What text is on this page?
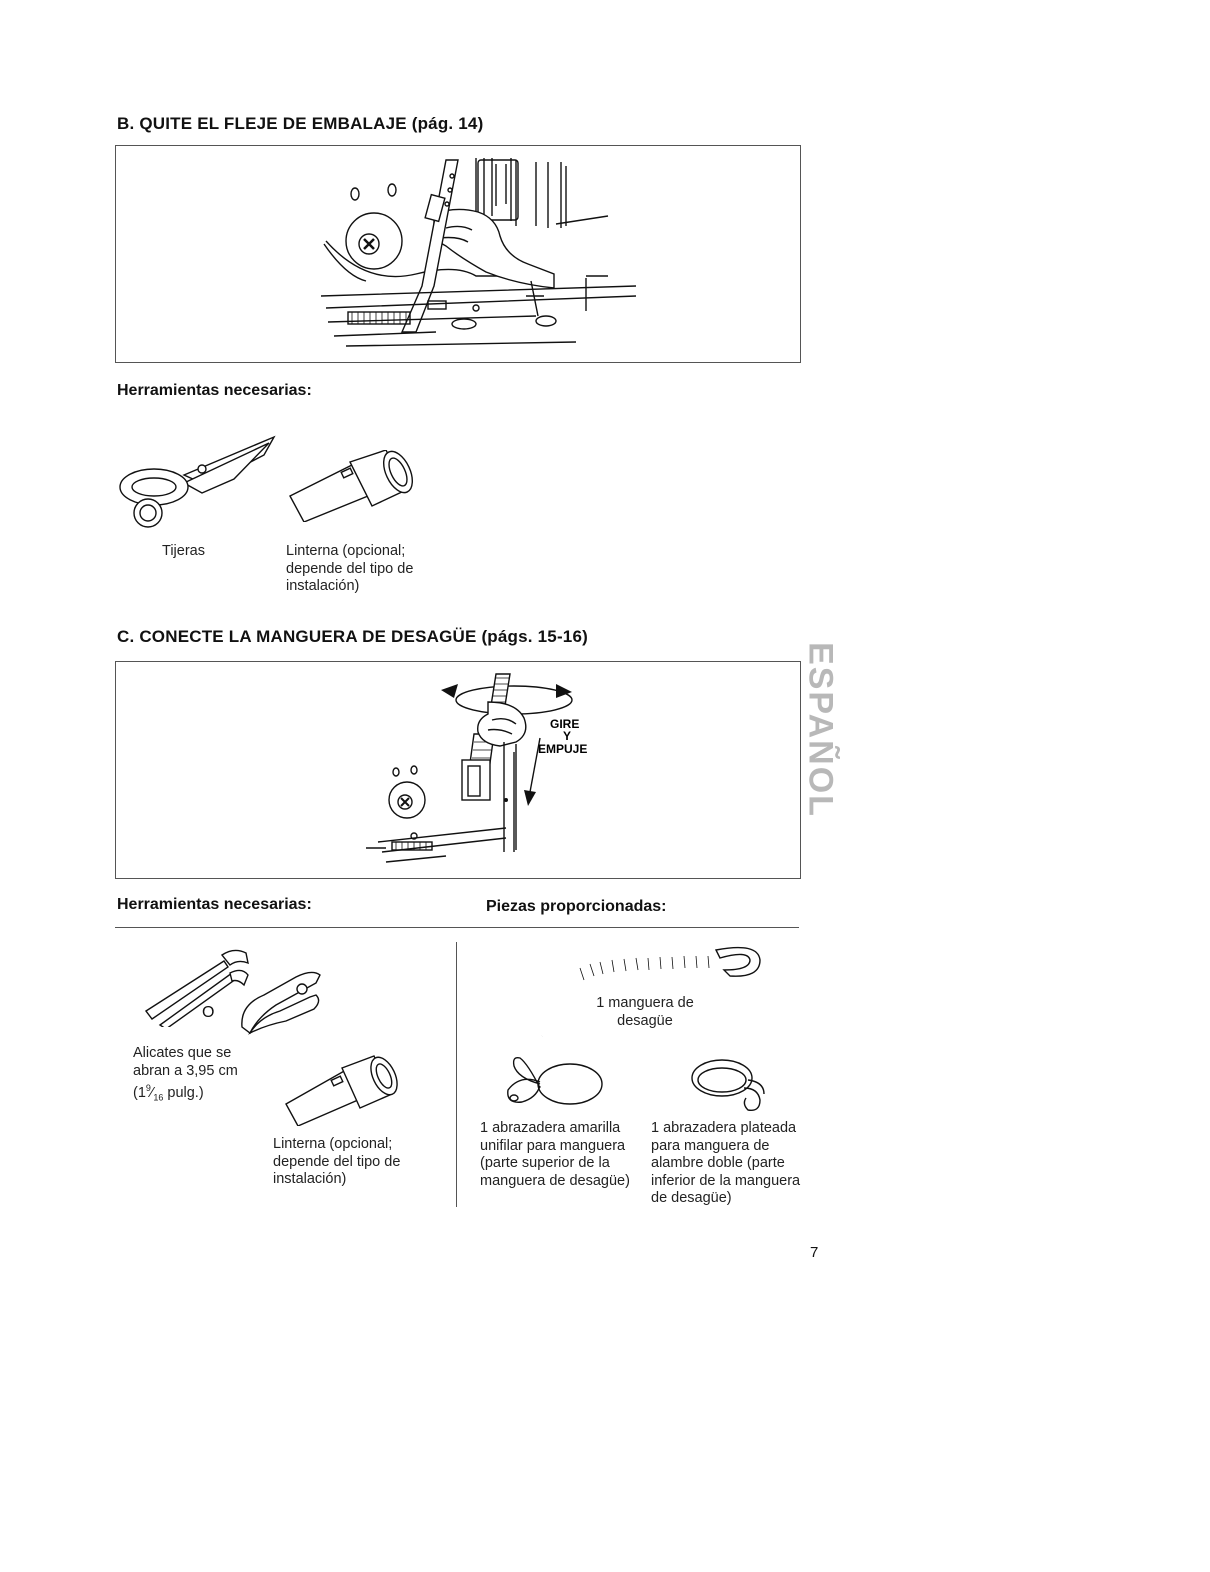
B. QUITE EL FLEJE DE EMBALAJE (pág. 14)
Herramientas necesarias:
Tijeras	Linterna (opcional; depende del tipo de instalación)
C. CONECTE LA MANGUERA DE DESAGÜE (págs. 15-16)
GIRE
Y
EMPUJE	ESPAÑOL
Herramientas necesarias:	Piezas proporcionadas:
O
Alicates que se
abran a 3,95 cm
($1^9⁄_{16}$ pulg.)
Linterna (opcional; depende del tipo de instalación)
1 manguera de desagüe
1 abrazadera amarilla unifilar para manguera (parte superior de la manguera de desagüe)
1 abrazadera plateada para manguera de alambre doble (parte inferior de la manguera de desagüe)
7
